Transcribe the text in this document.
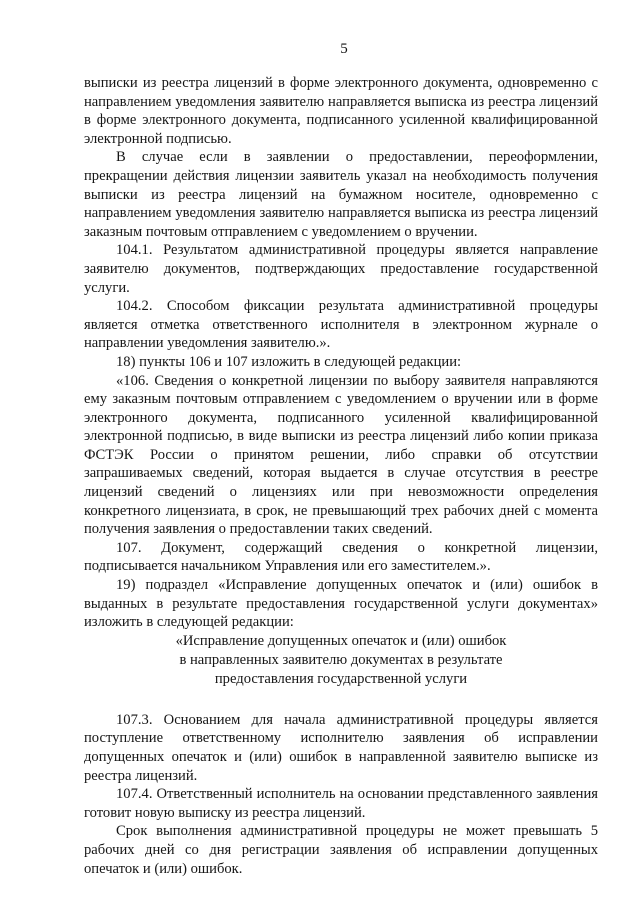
5

выписки из реестра лицензий в форме электронного документа, одновременно с направлением уведомления заявителю направляется выписка из реестра лицензий в форме электронного документа, подписанного усиленной квалифицированной электронной подписью.

В случае если в заявлении о предоставлении, переоформлении, прекращении действия лицензии заявитель указал на необходимость получения выписки из реестра лицензий на бумажном носителе, одновременно с направлением уведомления заявителю направляется выписка из реестра лицензий заказным почтовым отправлением с уведомлением о вручении.

104.1. Результатом административной процедуры является направление заявителю документов, подтверждающих предоставление государственной услуги.

104.2. Способом фиксации результата административной процедуры является отметка ответственного исполнителя в электронном журнале о направлении уведомления заявителю.».

18) пункты 106 и 107 изложить в следующей редакции:

«106. Сведения о конкретной лицензии по выбору заявителя направляются ему заказным почтовым отправлением с уведомлением о вручении или в форме электронного документа, подписанного усиленной квалифицированной электронной подписью, в виде выписки из реестра лицензий либо копии приказа ФСТЭК России о принятом решении, либо справки об отсутствии запрашиваемых сведений, которая выдается в случае отсутствия в реестре лицензий сведений о лицензиях или при невозможности определения конкретного лицензиата, в срок, не превышающий трех рабочих дней с момента получения заявления о предоставлении таких сведений.

107. Документ, содержащий сведения о конкретной лицензии, подписывается начальником Управления или его заместителем.».

19) подраздел «Исправление допущенных опечаток и (или) ошибок в выданных в результате предоставления государственной услуги документах» изложить в следующей редакции:

«Исправление допущенных опечаток и (или) ошибок
в направленных заявителю документах в результате
предоставления государственной услуги

107.3. Основанием для начала административной процедуры является поступление ответственному исполнителю заявления об исправлении допущенных опечаток и (или) ошибок в направленной заявителю выписке из реестра лицензий.

107.4. Ответственный исполнитель на основании представленного заявления готовит новую выписку из реестра лицензий.

Срок выполнения административной процедуры не может превышать 5 рабочих дней со дня регистрации заявления об исправлении допущенных опечаток и (или) ошибок.
